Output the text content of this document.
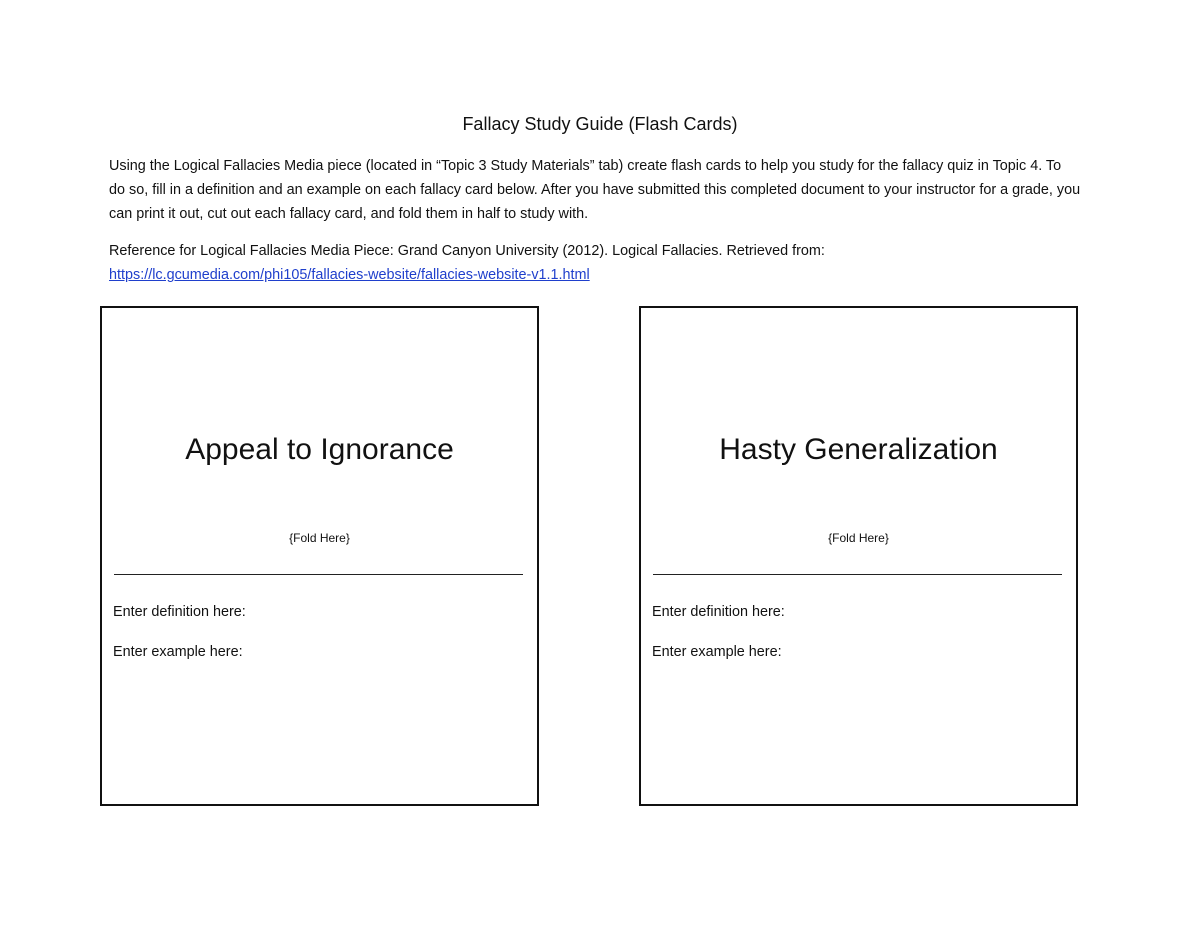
Fallacy Study Guide (Flash Cards)

Using the Logical Fallacies Media piece (located in “Topic 3 Study Materials” tab) create flash cards to help you study for the fallacy quiz in Topic 4. To do so, fill in a definition and an example on each fallacy card below. After you have submitted this completed document to your instructor for a grade, you can print it out, cut out each fallacy card, and fold them in half to study with.

Reference for Logical Fallacies Media Piece: Grand Canyon University (2012). Logical Fallacies. Retrieved from:
https://lc.gcumedia.com/phi105/fallacies-website/fallacies-website-v1.1.html

Appeal to Ignorance
{Fold Here}
Enter definition here:
Enter example here:
Hasty Generalization
{Fold Here}
Enter definition here:
Enter example here:
